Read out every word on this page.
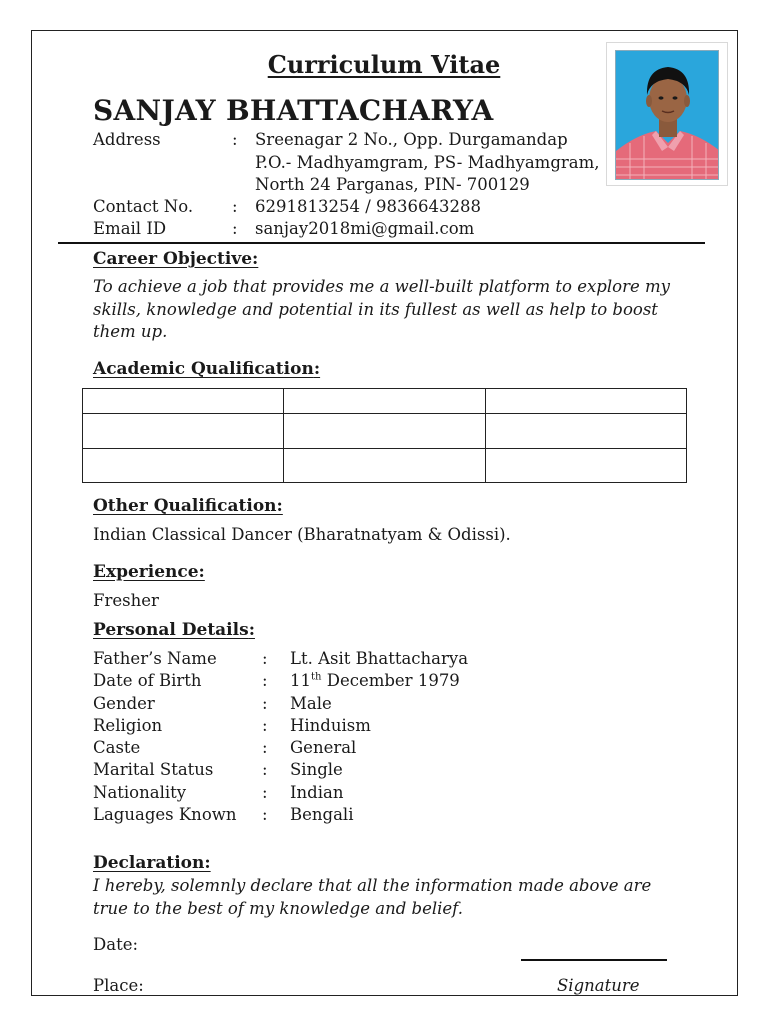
Curriculum Vitae
SANJAY BHATTACHARYA
Address	: Sreenagar 2 No., Opp. Durgamandap
P.O.- Madhyamgram, PS- Madhyamgram,
North 24 Parganas, PIN- 700129
Contact No. : 6291813254 / 9836643288
Email ID	: sanjay2018mi@gmail.com
Career Objective:
To achieve a job that provides me a well-built platform to explore my skills, knowledge and potential in its fullest as well as help to boost them up.
Academic Qualification:

Other Qualification:
Indian Classical Dancer (Bharatnatyam & Odissi).
Experience:
Fresher
Personal Details:
Father’s Name	: Lt. Asit Bhattacharya
Date of Birth	: 11th December 1979
Gender	: Male
Religion	: Hinduism
Caste	: General
Marital Status	: Single
Nationality	: Indian
Laguages Known : Bengali
Declaration:
I hereby, solemnly declare that all the information made above are true to the best of my knowledge and belief.
Date:
Place:	Signature
